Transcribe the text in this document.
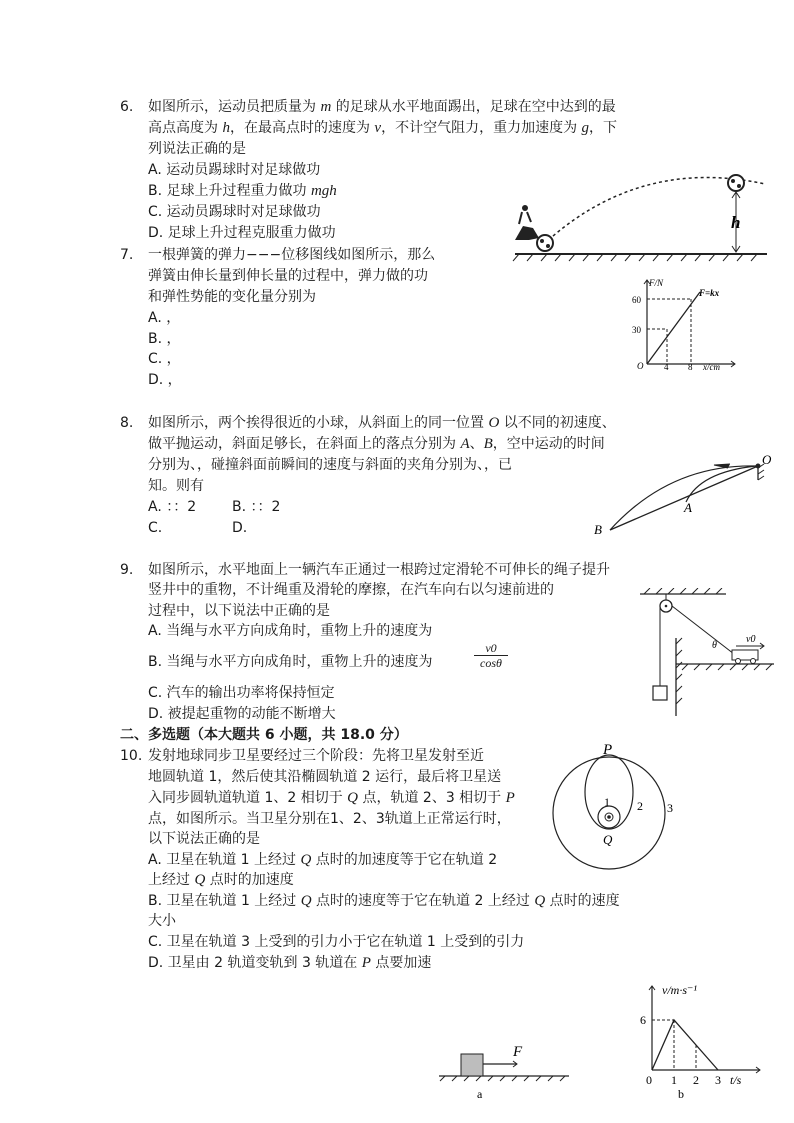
6. 如图所示，运动员把质量为 m 的足球从水平地面踢出，足球在空中达到的最
高点高度为 h，在最高点时的速度为 v，不计空气阻力，重力加速度为 g，下
列说法正确的是
A. 运动员踢球时对足球做功
B. 足球上升过程重力做功 mgh
C. 运动员踢球时对足球做功
D. 足球上升过程克服重力做功
h
7. 一根弹簧的弹力−−−位移图线如图所示，那么
弹簧由伸长量到伸长量的过程中，弹力做的功
和弹性势能的变化量分别为
A. ，
B. ，
C. ，
D. ，
F/N
F=kx
60
30
O 4 8 x/cm
8. 如图所示，两个挨得很近的小球，从斜面上的同一位置 O 以不同的初速度、
做平抛运动，斜面足够长，在斜面上的落点分别为 A、B，空中运动的时间
分别为、，碰撞斜面前瞬间的速度与斜面的夹角分别为、，已
知。则有
A. ：：2	B. ：：2
C.	D.
O
A
B
9. 如图所示，水平地面上一辆汽车正通过一根跨过定滑轮不可伸长的绳子提升
竖井中的重物，不计绳重及滑轮的摩擦，在汽车向右以匀速前进的
过程中，以下说法中正确的是
A. 当绳与水平方向成角时，重物上升的速度为
B. 当绳与水平方向成角时，重物上升的速度为	$\frac{v0}{\cos\theta}$
C. 汽车的输出功率将保持恒定
D. 被提起重物的动能不断增大
θ
v0
二、多选题（本大题共 6 小题，共 18.0 分）
10. 发射地球同步卫星要经过三个阶段：先将卫星发射至近
地圆轨道 1，然后使其沿椭圆轨道 2 运行，最后将卫星送
入同步圆轨道轨道 1、2 相切于 Q 点，轨道 2、3 相切于 P
点，如图所示。当卫星分别在1、2、3轨道上正常运行时，
以下说法正确的是
A. 卫星在轨道 1 上经过 Q 点时的加速度等于它在轨道 2
上经过 Q 点时的加速度
B. 卫星在轨道 1 上经过 Q 点时的速度等于它在轨道 2 上经过 Q 点时的速度
大小
C. 卫星在轨道 3 上受到的引力小于它在轨道 1 上受到的引力
D. 卫星由 2 轨道变轨到 3 轨道在 P 点要加速
P
Q
1 2 3
F
a
v/m·s⁻¹
t/s
0
6
1 2 3
b
